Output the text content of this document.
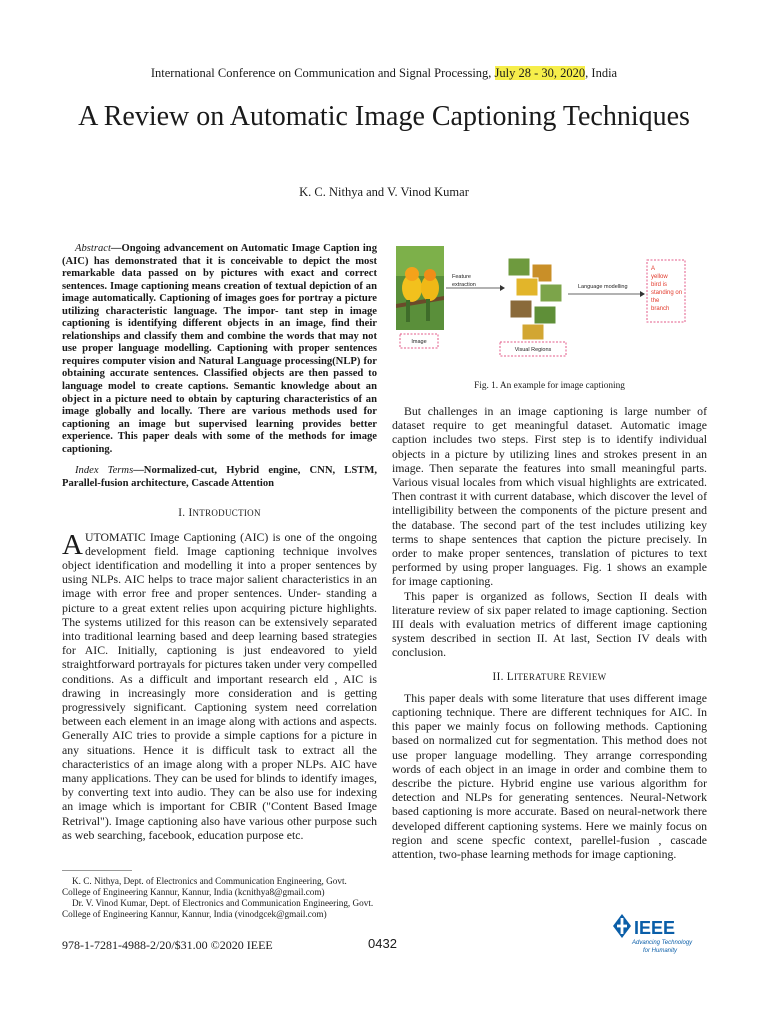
International Conference on Communication and Signal Processing, July 28 - 30, 2020, India
A Review on Automatic Image Captioning Techniques
K. C. Nithya and V. Vinod Kumar

Abstract—Ongoing advancement on Automatic Image Caption ing (AIC) has demonstrated that it is conceivable to depict the most remarkable data passed on by pictures with exact and correct sentences. Image captioning means creation of textual depiction of an image automatically. Captioning of images goes for portray a picture utilizing characteristic language. The impor- tant step in image captioning is identifying different objects in an image, find their relationships and classify them and combine the words that may not use proper language modelling. Captioning with proper sentences requires computer vision and Natural Language processing(NLP) for obtaining accurate sentences. Classified objects are then passed to language model to create captions. Semantic knowledge about an object in a picture need to obtain by capturing characteristics of an image globally and locally. There are various methods used for captioning an image but supervised learning provides better experience. This paper deals with some of the methods for image captioning.

Index Terms—Normalized-cut, Hybrid engine, CNN, LSTM, Parallel-fusion architecture, Cascade Attention

I. INTRODUCTION

AUTOMATIC Image Captioning (AIC) is one of the ongoing development field. Image captioning technique involves object identification and modelling it into a proper sentences by using NLPs. AIC helps to trace major salient characteristics in an image with error free and proper sentences. Under- standing a picture to a great extent relies upon acquiring picture highlights. The systems utilized for this reason can be extensively separated into traditional learning based and deep learning based strategies for AIC. Initially, captioning is just endeavored to yield straightforward portrayals for pictures taken under very compelled conditions. As a difficult and important research eld , AIC is drawing in increasingly more consideration and is getting progressively significant. Captioning system need correlation between each element in an image along with actions and aspects. Generally AIC tries to provide a simple captions for a picture in any situations. Hence it is difficult task to extract all the characteristics of an image along with a proper NLPs. AIC have many applications. They can be used for blinds to identify images, by converting text into audio. They can be also use for indexing an image which is important for CBIR ("Content Based Image Retrival"). Image captioning also have various other purpose such as web searching, facebook, education purpose etc.

K. C. Nithya, Dept. of Electronics and Communication Engineering, Govt. College of Engineering Kannur, Kannur, India (kcnithya8@gmail.com)

Dr. V. Vinod Kumar, Dept. of Electronics and Communication Engineering, Govt. College of Engineering Kannur, Kannur, India (vinodgcek@gmail.com)

Image
Feature
extraction
Visual Regions
Language modelling
A
yellow
bird is
standing on
the
branch
Fig. 1. An example for image captioning

But challenges in an image captioning is large number of dataset require to get meaningful dataset. Automatic image caption includes two steps. First step is to identify individual objects in a picture by utilizing lines and strokes present in an image. Then separate the features into small meaningful parts. Various visual locales from which visual highlights are extricated. Then contrast it with current database, which discover the level of intelligibility between the components of the picture present and the database. The second part of the test includes utilizing key terms to shape sentences that caption the picture precisely. In order to make proper sentences, translation of pictures to text performed by using proper languages. Fig. 1 shows an example for image captioning.

This paper is organized as follows, Section II deals with literature review of six paper related to image captioning. Section III deals with evaluation metrics of different image captioning system described in section II. At last, Section IV deals with conclusion.

II. LITERATURE REVIEW

This paper deals with some literature that uses different image captioning technique. There are different techniques for AIC. In this paper we mainly focus on following methods. Captioning based on normalized cut for segmentation. This method does not use proper language modelling. They arrange corresponding words of each object in an image in order and combine them to describe the picture. Hybrid engine use various algorithm for detection and NLPs for generating sentences. Neural-Network based captioning is more accurate. Based on neural-network there developed different captioning systems. Here we mainly focus on region and scene specfic context, parellel-fusion , cascade attention, two-phase learning methods for image captioning.

978-1-7281-4988-2/20/$31.00 ©2020 IEEE	0432
IEEE
Advancing Technology
for Humanity
